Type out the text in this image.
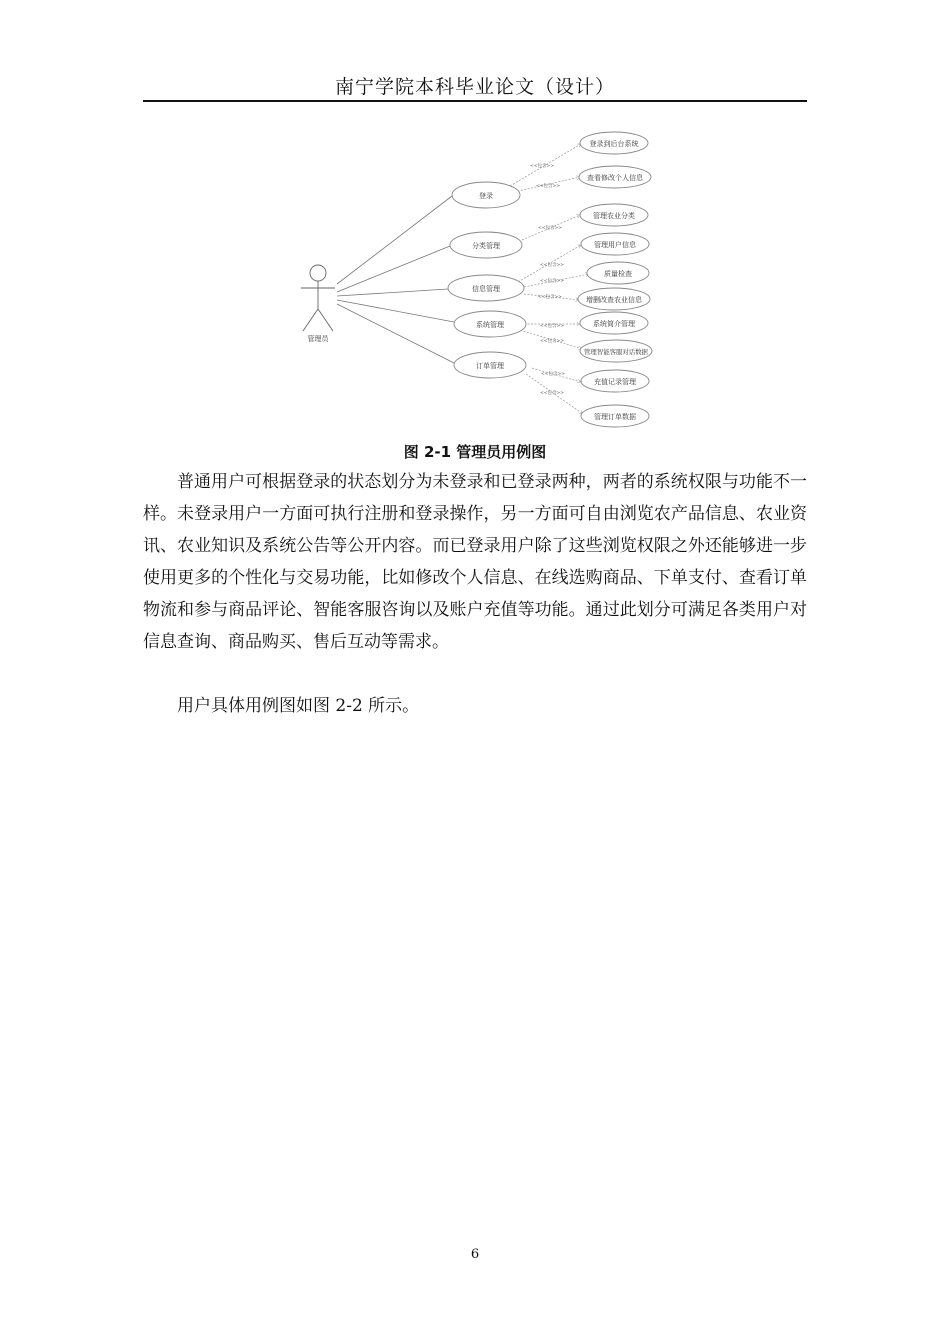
南宁学院本科毕业论文（设计）
管理员
<<包含>>
<<包含>>
<<包含>>
<<包含>>
<<包含>>
<<包含>>
<<包含>>
<<包含>>
<<包含>>
<<包含>>
登录
分类管理
信息管理
系统管理
订单管理
登录到后台系统
查看修改个人信息
管理农业分类
管理用户信息
质量检查
增删改查农业信息
系统简介管理
管理智能客服对话数据
充值记录管理
管理订单数据
图 2-1 管理员用例图

普通用户可根据登录的状态划分为未登录和已登录两种，两者的系统权限与功能不一样。未登录用户一方面可执行注册和登录操作，另一方面可自由浏览农产品信息、农业资讯、农业知识及系统公告等公开内容。而已登录用户除了这些浏览权限之外还能够进一步使用更多的个性化与交易功能，比如修改个人信息、在线选购商品、下单支付、查看订单物流和参与商品评论、智能客服咨询以及账户充值等功能。通过此划分可满足各类用户对信息查询、商品购买、售后互动等需求。

用户具体用例图如图 2-2 所示。

6
